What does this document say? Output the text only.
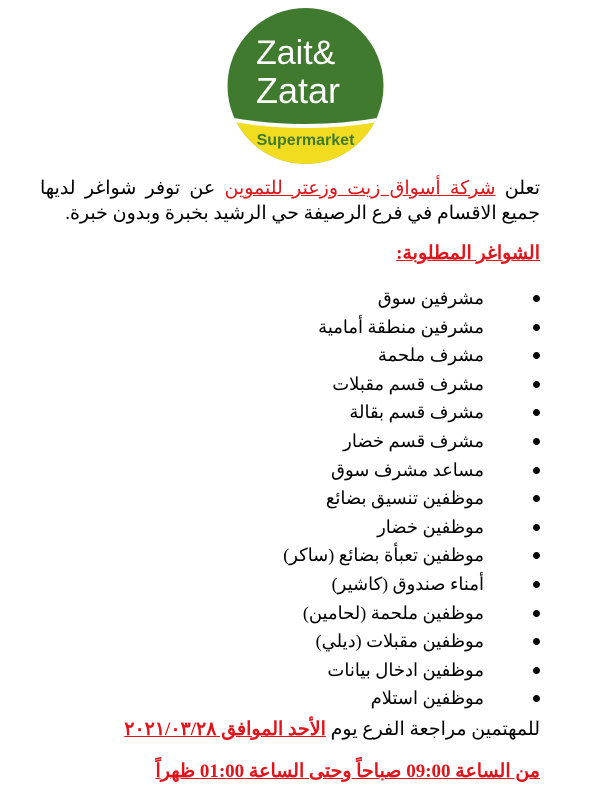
Zait&
Zatar
Supermarket
تعلن شركة أسواق زيت وزعتر للتموين عن توفر شواغر لديها جميع الاقسام في فرع الرصيفة حي الرشيد بخبرة وبدون خبرة.
الشواغر المطلوبة:
مشرفين سوق
مشرفين منطقة أمامية
مشرف ملحمة
مشرف قسم مقبلات
مشرف قسم بقالة
مشرف قسم خضار
مساعد مشرف سوق
موظفين تنسيق بضائع
موظفين خضار
موظفين تعبأة بضائع (ساكر)
أمناء صندوق (كاشير)
موظفين ملحمة (لحامين)
موظفين مقبلات (ديلي)
موظفين ادخال بيانات
موظفين استلام
للمهتمين مراجعة الفرع يوم الأحد الموافق ٢٠٢١/٠٣/٢٨
من الساعة 09:00 صباحاً وحتى الساعة 01:00 ظهراً
